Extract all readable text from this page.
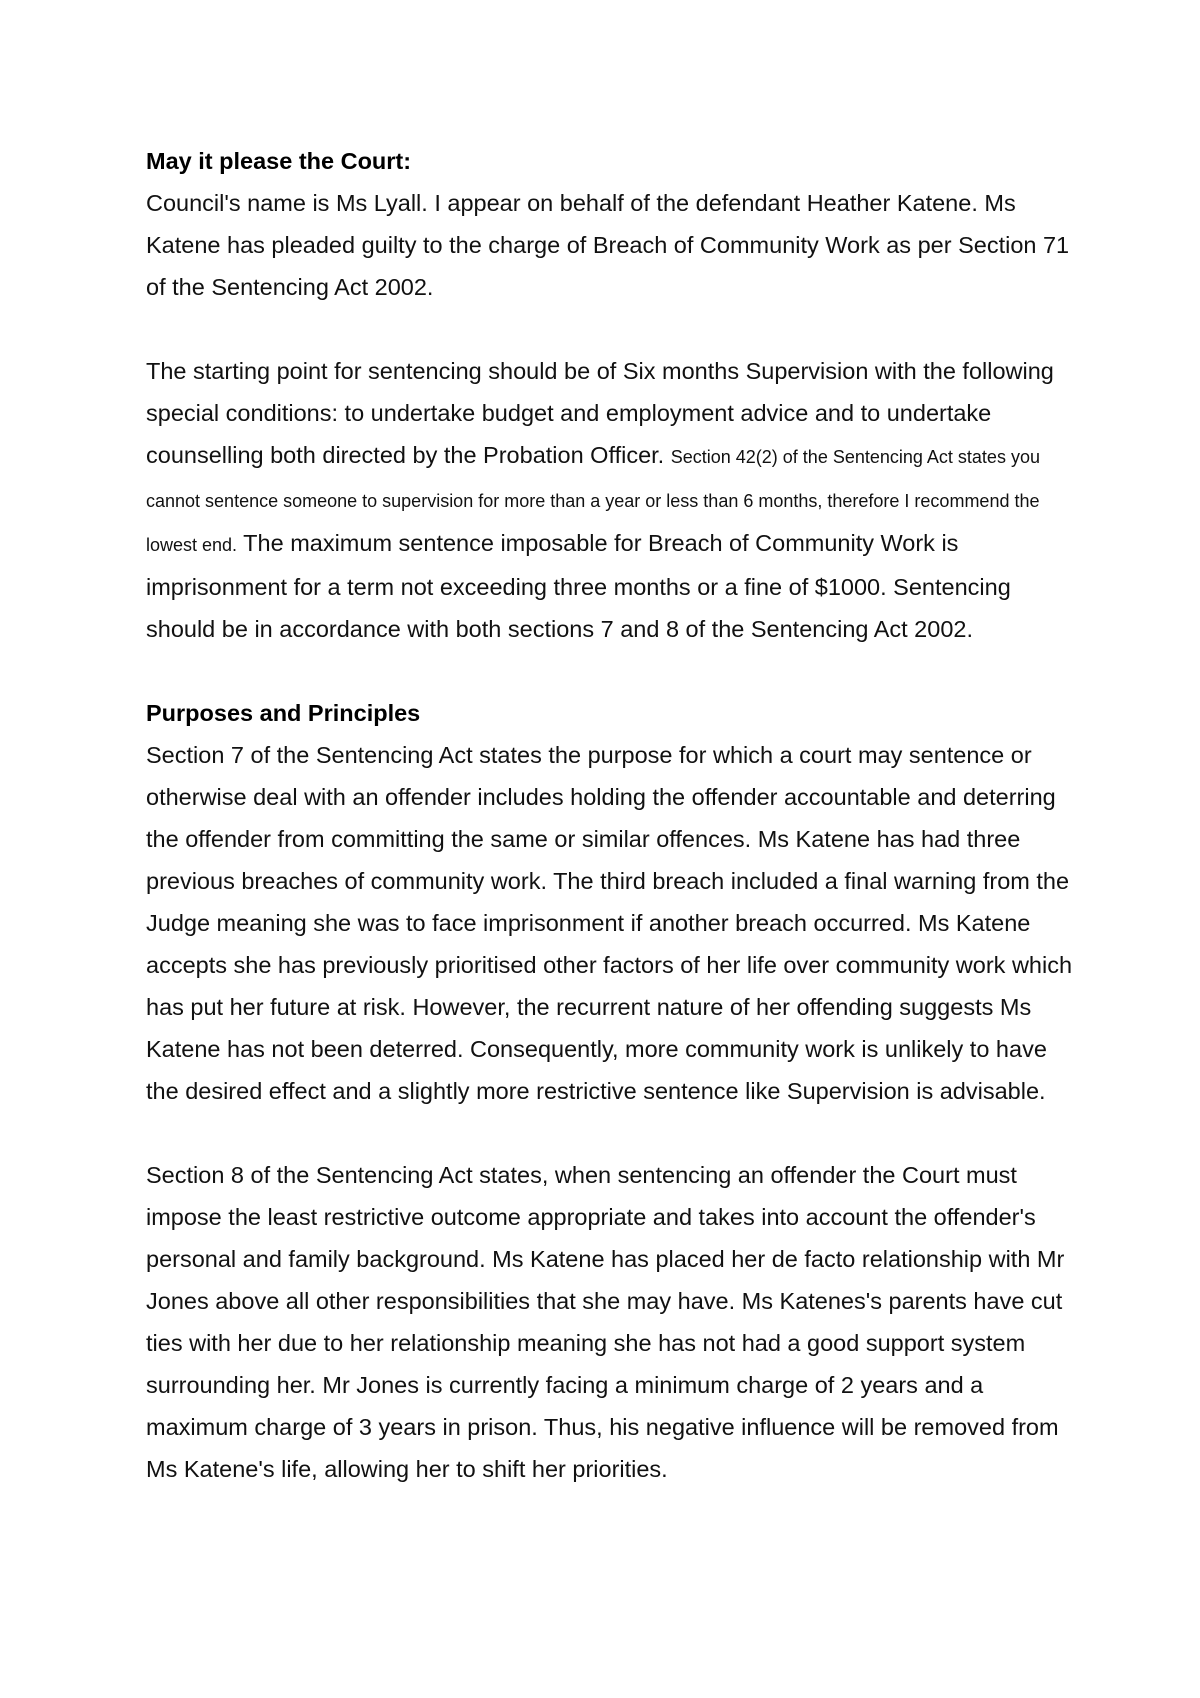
May it please the Court:
Council's name is Ms Lyall. I appear on behalf of the defendant Heather Katene. Ms Katene has pleaded guilty to the charge of Breach of Community Work as per Section 71 of the Sentencing Act 2002.

The starting point for sentencing should be of Six months Supervision with the following special conditions: to undertake budget and employment advice and to undertake counselling both directed by the Probation Officer. Section 42(2) of the Sentencing Act states you cannot sentence someone to supervision for more than a year or less than 6 months, therefore I recommend the lowest end. The maximum sentence imposable for Breach of Community Work is imprisonment for a term not exceeding three months or a fine of $1000. Sentencing should be in accordance with both sections 7 and 8 of the Sentencing Act 2002.

Purposes and Principles
Section 7 of the Sentencing Act states the purpose for which a court may sentence or otherwise deal with an offender includes holding the offender accountable and deterring the offender from committing the same or similar offences. Ms Katene has had three previous breaches of community work. The third breach included a final warning from the Judge meaning she was to face imprisonment if another breach occurred. Ms Katene accepts she has previously prioritised other factors of her life over community work which has put her future at risk. However, the recurrent nature of her offending suggests Ms Katene has not been deterred. Consequently, more community work is unlikely to have the desired effect and a slightly more restrictive sentence like Supervision is advisable.

Section 8 of the Sentencing Act states, when sentencing an offender the Court must impose the least restrictive outcome appropriate and takes into account the offender's personal and family background. Ms Katene has placed her de facto relationship with Mr Jones above all other responsibilities that she may have. Ms Katenes's parents have cut ties with her due to her relationship meaning she has not had a good support system surrounding her. Mr Jones is currently facing a minimum charge of 2 years and a maximum charge of 3 years in prison. Thus, his negative influence will be removed from Ms Katene's life, allowing her to shift her priorities.
